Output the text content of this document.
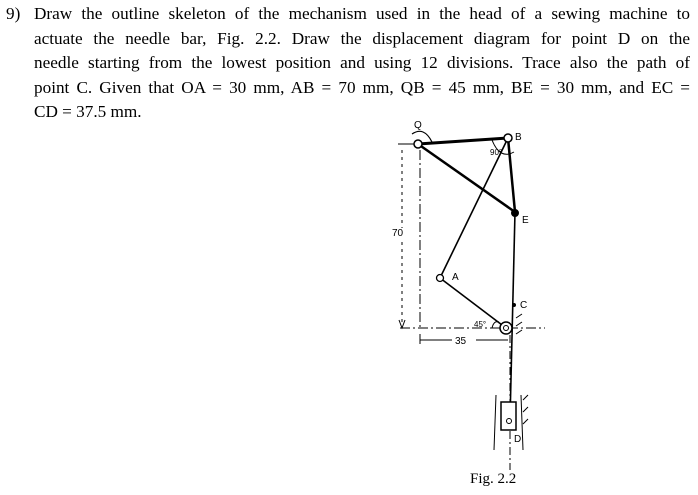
9) Draw the outline skeleton of the mechanism used in the head of a sewing machine to
actuate the needle bar, Fig. 2.2. Draw the displacement diagram for point D on the
needle starting from the lowest position and using 12 divisions. Trace also the path of
point C. Given that OA = 30 mm, AB = 70 mm, QB = 45 mm, BE = 30 mm, and EC =
CD = 37.5 mm.
Q
B
E
A
C
D
90°
45°
70
35
Fig. 2.2
